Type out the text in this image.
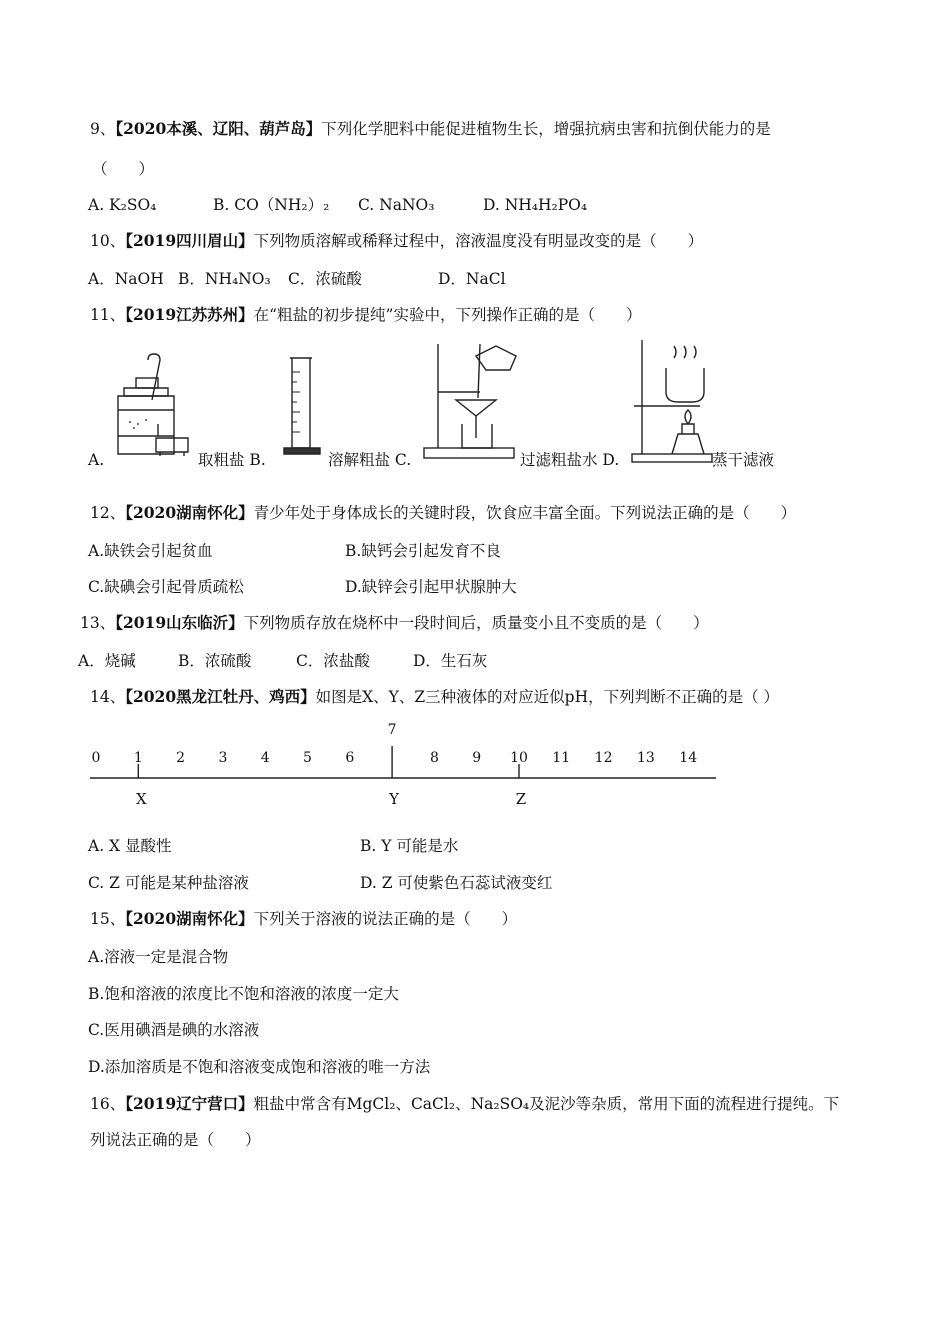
9、【2020本溪、辽阳、葫芦岛】下列化学肥料中能促进植物生长，增强抗病虫害和抗倒伏能力的是
（　　）
A. K₂SO₄	B. CO（NH₂）₂ C. NaNO₃	D. NH₄H₂PO₄
10、【2019四川眉山】下列物质溶解或稀释过程中，溶液温度没有明显改变的是（　　）
A．NaOH B．NH₄NO₃ C．浓硫酸	D．NaCl
11、【2019江苏苏州】在“粗盐的初步提纯”实验中，下列操作正确的是（　　）
A.	取粗盐 B.	溶解粗盐 C.	过滤粗盐水 D.	蒸干滤液
12、【2020湖南怀化】青少年处于身体成长的关键时段，饮食应丰富全面。下列说法正确的是（　　）
A.缺铁会引起贫血	B.缺钙会引起发育不良
C.缺碘会引起骨质疏松	D.缺锌会引起甲状腺肿大
13、【2019山东临沂】下列物质存放在烧杯中一段时间后，质量变小且不变质的是（　　）
A．烧碱	B．浓硫酸	C．浓盐酸	D．生石灰
14、【2020黑龙江牡丹、鸡西】如图是X、Y、Z三种液体的对应近似pH，下列判断不正确的是（ ）
0 1 2 3 4 5 6
7
8 9 10 11 12 13 14
X	Y	Z
A. X 显酸性	B. Y 可能是水
C. Z 可能是某种盐溶液	D. Z 可使紫色石蕊试液变红
15、【2020湖南怀化】下列关于溶液的说法正确的是（　　）
A.溶液一定是混合物
B.饱和溶液的浓度比不饱和溶液的浓度一定大
C.医用碘酒是碘的水溶液
D.添加溶质是不饱和溶液变成饱和溶液的唯一方法
16、【2019辽宁营口】粗盐中常含有MgCl₂、CaCl₂、Na₂SO₄及泥沙等杂质，常用下面的流程进行提纯。下
列说法正确的是（　　）
